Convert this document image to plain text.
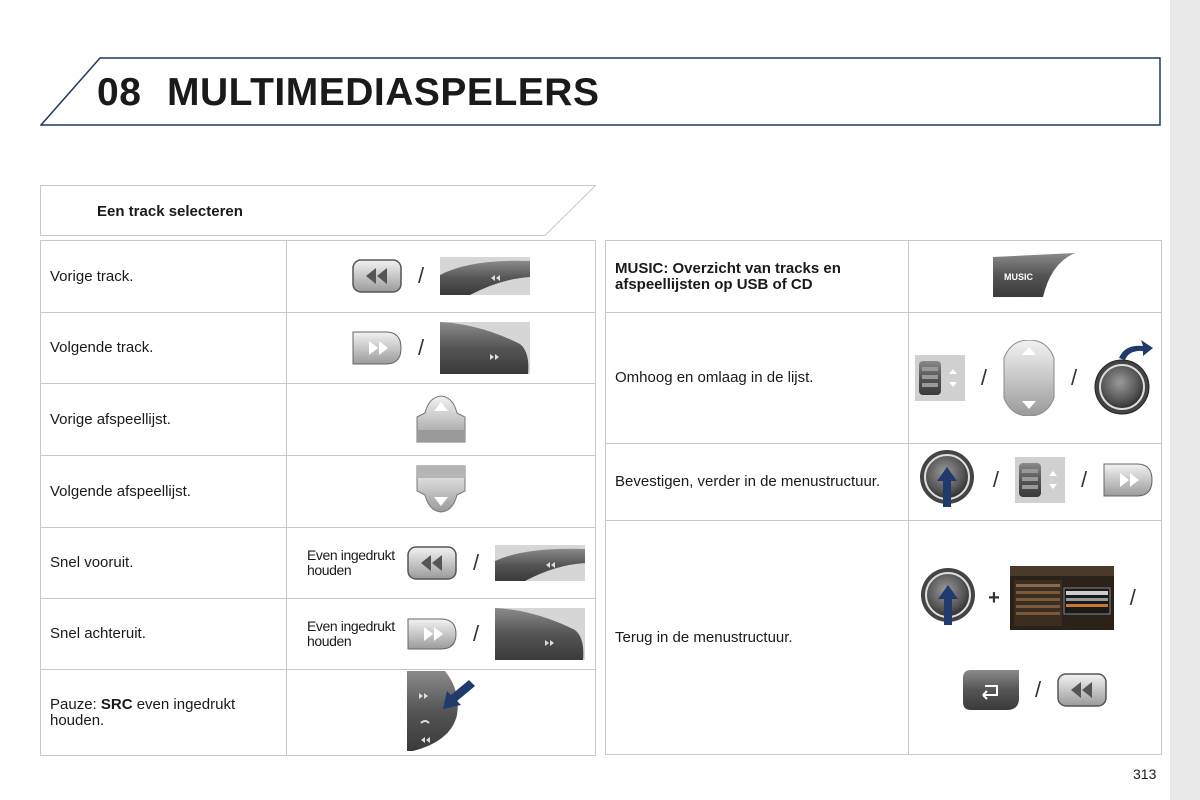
08 MULTIMEDIASPELERS
Een track selecteren
Vorige track.	/

Volgende track.	/

Vorige afspeellijst.	

Volgende afspeellijst.	

Snel vooruit.	Even ingedrukt houden /

Snel achteruit.	Even ingedrukt houden /

Pauze: SRC even ingedrukt houden.	
MUSIC: Overzicht van tracks en afspeellijsten op USB of CD	MUSIC

Omhoog en omlaag in de lijst.	/ /

Bevestigen, verder in de menustructuur.	/ /

Terug in de menustructuur.	+ /
/
313
